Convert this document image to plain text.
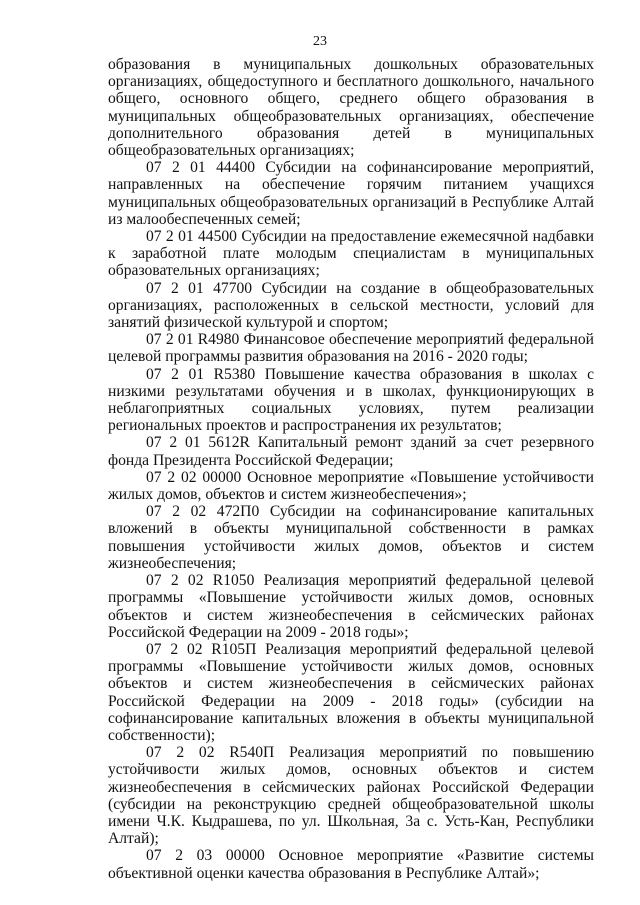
23

образования в муниципальных дошкольных образовательных организациях, общедоступного и бесплатного дошкольного, начального общего, основного общего, среднего общего образования в муниципальных общеобразовательных организациях, обеспечение дополнительного образования детей в муниципальных общеобразовательных организациях;

07 2 01 44400 Субсидии на софинансирование мероприятий, направленных на обеспечение горячим питанием учащихся муниципальных общеобразовательных организаций в Республике Алтай из малообеспеченных семей;

07 2 01 44500 Субсидии на предоставление ежемесячной надбавки к заработной плате молодым специалистам в муниципальных образовательных организациях;

07 2 01 47700 Субсидии на создание в общеобразовательных организациях, расположенных в сельской местности, условий для занятий физической культурой и спортом;

07 2 01 R4980 Финансовое обеспечение мероприятий федеральной целевой программы развития образования на 2016 - 2020 годы;

07 2 01 R5380 Повышение качества образования в школах с низкими результатами обучения и в школах, функционирующих в неблагоприятных социальных условиях, путем реализации региональных проектов и распространения их результатов;

07 2 01 5612R Капитальный ремонт зданий за счет резервного фонда Президента Российской Федерации;

07 2 02 00000 Основное мероприятие «Повышение устойчивости жилых домов, объектов и систем жизнеобеспечения»;

07 2 02 472П0 Субсидии на софинансирование капитальных вложений в объекты муниципальной собственности в рамках повышения устойчивости жилых домов, объектов и систем жизнеобеспечения;

07 2 02 R1050 Реализация мероприятий федеральной целевой программы «Повышение устойчивости жилых домов, основных объектов и систем жизнеобеспечения в сейсмических районах Российской Федерации на 2009 - 2018 годы»;

07 2 02 R105П Реализация мероприятий федеральной целевой программы «Повышение устойчивости жилых домов, основных объектов и систем жизнеобеспечения в сейсмических районах Российской Федерации на 2009 - 2018 годы» (субсидии на софинансирование капитальных вложения в объекты муниципальной собственности);

07 2 02 R540П Реализация мероприятий по повышению устойчивости жилых домов, основных объектов и систем жизнеобеспечения в сейсмических районах Российской Федерации (субсидии на реконструкцию средней общеобразовательной школы имени Ч.К. Кыдрашева, по ул. Школьная, 3а с. Усть-Кан, Республики Алтай);

07 2 03 00000 Основное мероприятие «Развитие системы объективной оценки качества образования в Республике Алтай»;
